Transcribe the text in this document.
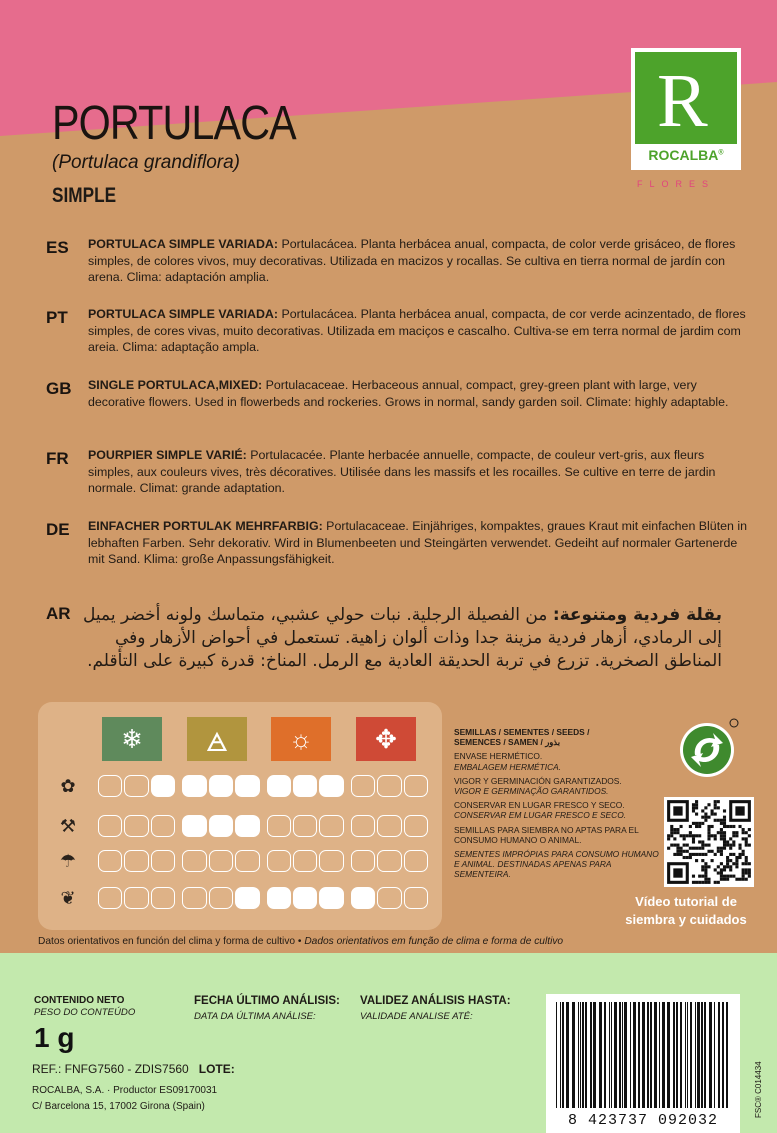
PORTULACA
(Portulaca grandiflora)
SIMPLE
R
ROCALBA®
FLORES
ES PORTULACA SIMPLE VARIADA: Portulacácea. Planta herbácea anual, compacta, de color verde grisáceo, de flores simples, de colores vivos, muy decorativas. Utilizada en macizos y rocallas. Se cultiva en tierra normal de jardín con arena. Clima: adaptación amplia.
PT PORTULACA SIMPLE VARIADA: Portulacácea. Planta herbácea anual, compacta, de cor verde acinzentado, de flores simples, de cores vivas, muito decorativas. Utilizada em maciços e cascalho. Cultiva-se em terra normal de jardim com areia. Clima: adaptação ampla.
GB SINGLE PORTULACA,MIXED: Portulacaceae. Herbaceous annual, compact, grey-green plant with large, very decorative flowers. Used in flowerbeds and rockeries. Grows in normal, sandy garden soil. Climate: highly adaptable.
FR POURPIER SIMPLE VARIÉ: Portulacacée. Plante herbacée annuelle, compacte, de couleur vert-gris, aux fleurs simples, aux couleurs vives, très décoratives. Utilisée dans les massifs et les rocailles. Se cultive en terre de jardin normale. Climat: grande adaptation.
DE EINFACHER PORTULAK MEHRFARBIG: Portulacaceae. Einjähriges, kompaktes, graues Kraut mit einfachen Blüten in lebhaften Farben. Sehr dekorativ. Wird in Blumenbeeten und Steingärten verwendet. Gedeiht auf normaler Gartenerde mit Sand. Klima: große Anpassungsfähigkeit.
AR	بقلة فردية ومتنوعة: من الفصيلة الرجلية. نبات حولي عشبي، متماسك ولونه أخضر يميل إلى الرمادي، أزهار فردية مزينة جدا وذات ألوان زاهية. تستعمل في أحواض الأزهار وفي المناطق الصخرية. تزرع في تربة الحديقة العادية مع الرمل. المناخ: قدرة كبيرة على التأقلم.
❄	🜁	☼	✥
✿
⚒
☂
❦
SEMILLAS / SEMENTES / SEEDS /
SEMENCES / SAMEN / بذور
ENVASE HERMÉTICO.
EMBALAGEM HERMÉTICA.
VIGOR Y GERMINACIÓN GARANTIZADOS.
VIGOR E GERMINAÇÃO GARANTIDOS.
CONSERVAR EN LUGAR FRESCO Y SECO.
CONSERVAR EM LUGAR FRESCO E SECO.
SEMILLAS PARA SIEMBRA NO APTAS PARA EL CONSUMO HUMANO O ANIMAL.
SEMENTES IMPRÓPIAS PARA CONSUMO HUMANO E ANIMAL. DESTINADAS APENAS PARA SEMENTEIRA.
Vídeo tutorial de
siembra y cuidados
Datos orientativos en función del clima y forma de cultivo • Dados orientativos em função de clima e forma de cultivo
CONTENIDO NETO
PESO DO CONTEÚDO
1 g
FECHA ÚLTIMO ANÁLISIS:
DATA DA ÚLTIMA ANÁLISE:
VALIDEZ ANÁLISIS HASTA:
VALIDADE ANALISE ATÉ:
REF.: FNFG7560 - ZDIS7560 LOTE:
ROCALBA, S.A. · Productor ES09170031
C/ Barcelona 15, 17002 Girona (Spain)
8 423737 092032
FSC® C014434
